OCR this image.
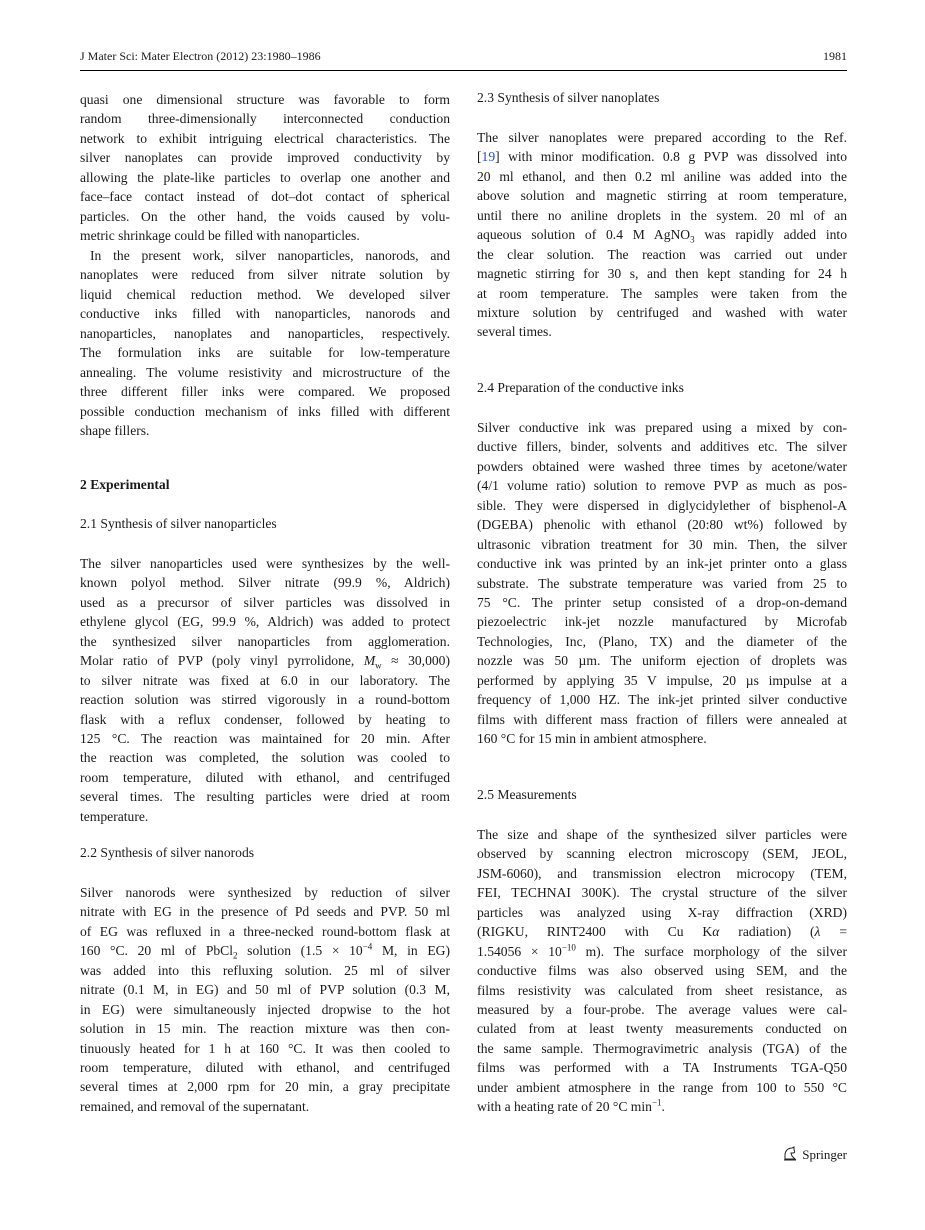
J Mater Sci: Mater Electron (2012) 23:1980–1986	1981
quasi one dimensional structure was favorable to form
random three-dimensionally interconnected conduction
network to exhibit intriguing electrical characteristics. The
silver nanoplates can provide improved conductivity by
allowing the plate-like particles to overlap one another and
face–face contact instead of dot–dot contact of spherical
particles. On the other hand, the voids caused by volu-
metric shrinkage could be filled with nanoparticles.
In the present work, silver nanoparticles, nanorods, and
nanoplates were reduced from silver nitrate solution by
liquid chemical reduction method. We developed silver
conductive inks filled with nanoparticles, nanorods and
nanoparticles, nanoplates and nanoparticles, respectively.
The formulation inks are suitable for low-temperature
annealing. The volume resistivity and microstructure of the
three different filler inks were compared. We proposed
possible conduction mechanism of inks filled with different
shape fillers.
2 Experimental
2.1 Synthesis of silver nanoparticles
The silver nanoparticles used were synthesizes by the well-
known polyol method. Silver nitrate (99.9 %, Aldrich)
used as a precursor of silver particles was dissolved in
ethylene glycol (EG, 99.9 %, Aldrich) was added to protect
the synthesized silver nanoparticles from agglomeration.
Molar ratio of PVP (poly vinyl pyrrolidone, $M_w \approx 30,000$)
to silver nitrate was fixed at 6.0 in our laboratory. The
reaction solution was stirred vigorously in a round-bottom
flask with a reflux condenser, followed by heating to
125 °C. The reaction was maintained for 20 min. After
the reaction was completed, the solution was cooled to
room temperature, diluted with ethanol, and centrifuged
several times. The resulting particles were dried at room
temperature.
2.2 Synthesis of silver nanorods
Silver nanorods were synthesized by reduction of silver
nitrate with EG in the presence of Pd seeds and PVP. 50 ml
of EG was refluxed in a three-necked round-bottom flask at
160 °C. 20 ml of PbCl$_2$ solution ($1.5 \times 10^{-4}$ M, in EG)
was added into this refluxing solution. 25 ml of silver
nitrate (0.1 M, in EG) and 50 ml of PVP solution (0.3 M,
in EG) were simultaneously injected dropwise to the hot
solution in 15 min. The reaction mixture was then con-
tinuously heated for 1 h at 160 °C. It was then cooled to
room temperature, diluted with ethanol, and centrifuged
several times at 2,000 rpm for 20 min, a gray precipitate
remained, and removal of the supernatant.
2.3 Synthesis of silver nanoplates
The silver nanoplates were prepared according to the Ref.
[19] with minor modification. 0.8 g PVP was dissolved into
20 ml ethanol, and then 0.2 ml aniline was added into the
above solution and magnetic stirring at room temperature,
until there no aniline droplets in the system. 20 ml of an
aqueous solution of 0.4 M AgNO$_3$ was rapidly added into
the clear solution. The reaction was carried out under
magnetic stirring for 30 s, and then kept standing for 24 h
at room temperature. The samples were taken from the
mixture solution by centrifuged and washed with water
several times.
2.4 Preparation of the conductive inks
Silver conductive ink was prepared using a mixed by con-
ductive fillers, binder, solvents and additives etc. The silver
powders obtained were washed three times by acetone/water
(4/1 volume ratio) solution to remove PVP as much as pos-
sible. They were dispersed in diglycidylether of bisphenol-A
(DGEBA) phenolic with ethanol (20:80 wt%) followed by
ultrasonic vibration treatment for 30 min. Then, the silver
conductive ink was printed by an ink-jet printer onto a glass
substrate. The substrate temperature was varied from 25 to
75 °C. The printer setup consisted of a drop-on-demand
piezoelectric ink-jet nozzle manufactured by Microfab
Technologies, Inc, (Plano, TX) and the diameter of the
nozzle was 50 µm. The uniform ejection of droplets was
performed by applying 35 V impulse, 20 µs impulse at a
frequency of 1,000 HZ. The ink-jet printed silver conductive
films with different mass fraction of fillers were annealed at
160 °C for 15 min in ambient atmosphere.
2.5 Measurements
The size and shape of the synthesized silver particles were
observed by scanning electron microscopy (SEM, JEOL,
JSM-6060), and transmission electron microcopy (TEM,
FEI, TECHNAI 300K). The crystal structure of the silver
particles was analyzed using X-ray diffraction (XRD)
(RIGKU, RINT2400 with Cu Kα radiation) (λ =
$1.54056 \times 10^{-10}$ m). The surface morphology of the silver
conductive films was also observed using SEM, and the
films resistivity was calculated from sheet resistance, as
measured by a four-probe. The average values were cal-
culated from at least twenty measurements conducted on
the same sample. Thermogravimetric analysis (TGA) of the
films was performed with a TA Instruments TGA-Q50
under ambient atmosphere in the range from 100 to 550 °C
with a heating rate of 20 °C $\min^{-1}$.
Springer
